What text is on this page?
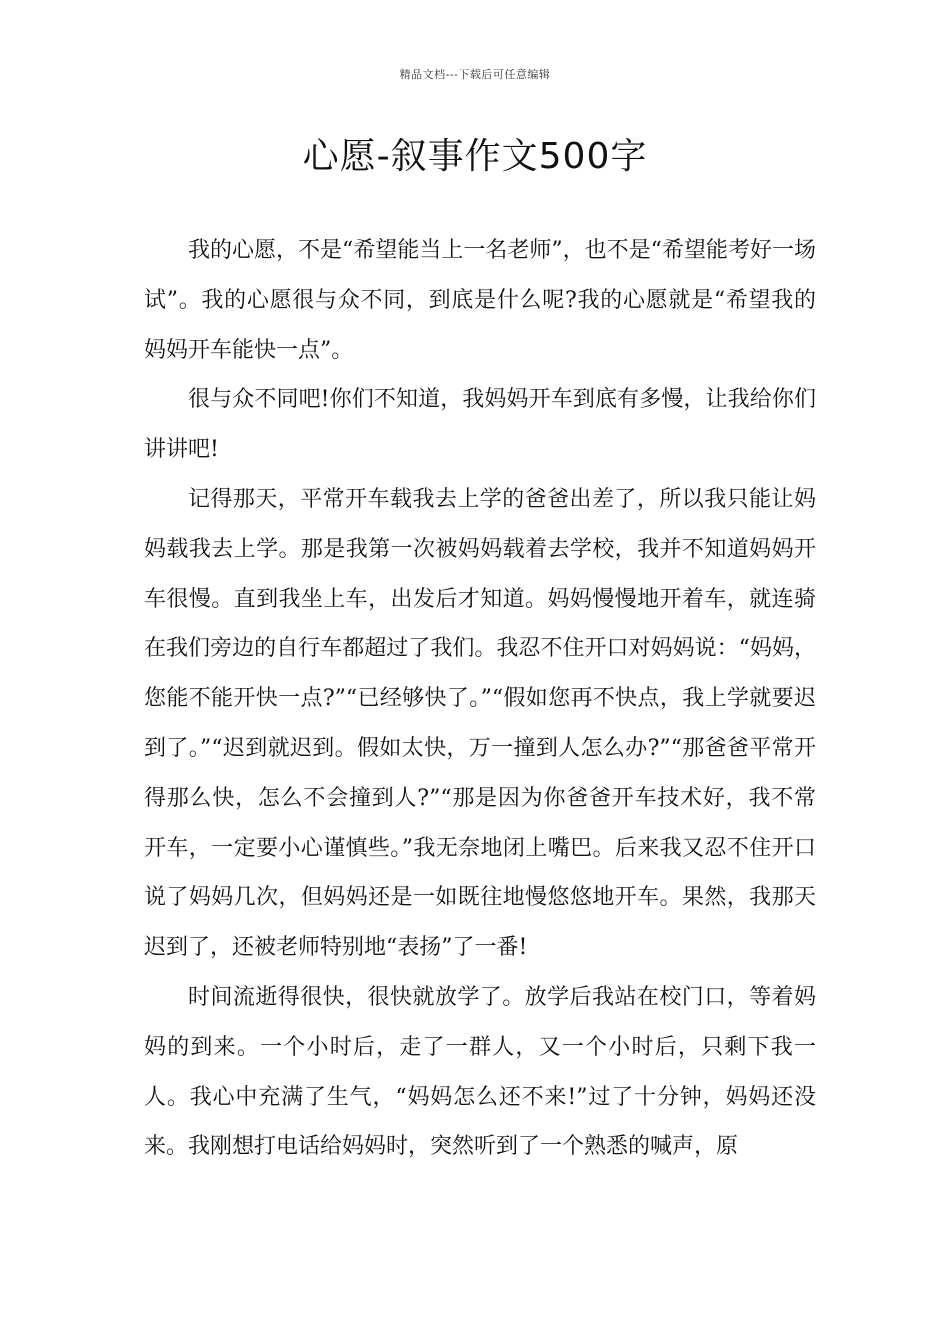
精品文档---下载后可任意编辑
心愿-叙事作文500字

我的心愿，不是“希望能当上一名老师”，也不是“希望能考好一场试”。我的心愿很与众不同，到底是什么呢?我的心愿就是“希望我的妈妈开车能快一点”。

很与众不同吧!你们不知道，我妈妈开车到底有多慢，让我给你们讲讲吧!

记得那天，平常开车载我去上学的爸爸出差了，所以我只能让妈妈载我去上学。那是我第一次被妈妈载着去学校，我并不知道妈妈开车很慢。直到我坐上车，出发后才知道。妈妈慢慢地开着车，就连骑在我们旁边的自行车都超过了我们。我忍不住开口对妈妈说：“妈妈，您能不能开快一点?”“已经够快了。”“假如您再不快点，我上学就要迟到了。”“迟到就迟到。假如太快，万一撞到人怎么办?”“那爸爸平常开得那么快，怎么不会撞到人?”“那是因为你爸爸开车技术好，我不常开车，一定要小心谨慎些。”我无奈地闭上嘴巴。后来我又忍不住开口说了妈妈几次，但妈妈还是一如既往地慢悠悠地开车。果然，我那天迟到了，还被老师特别地“表扬”了一番!

时间流逝得很快，很快就放学了。放学后我站在校门口，等着妈妈的到来。一个小时后，走了一群人，又一个小时后，只剩下我一人。我心中充满了生气，“妈妈怎么还不来!”过了十分钟，妈妈还没来。我刚想打电话给妈妈时，突然听到了一个熟悉的喊声，原
